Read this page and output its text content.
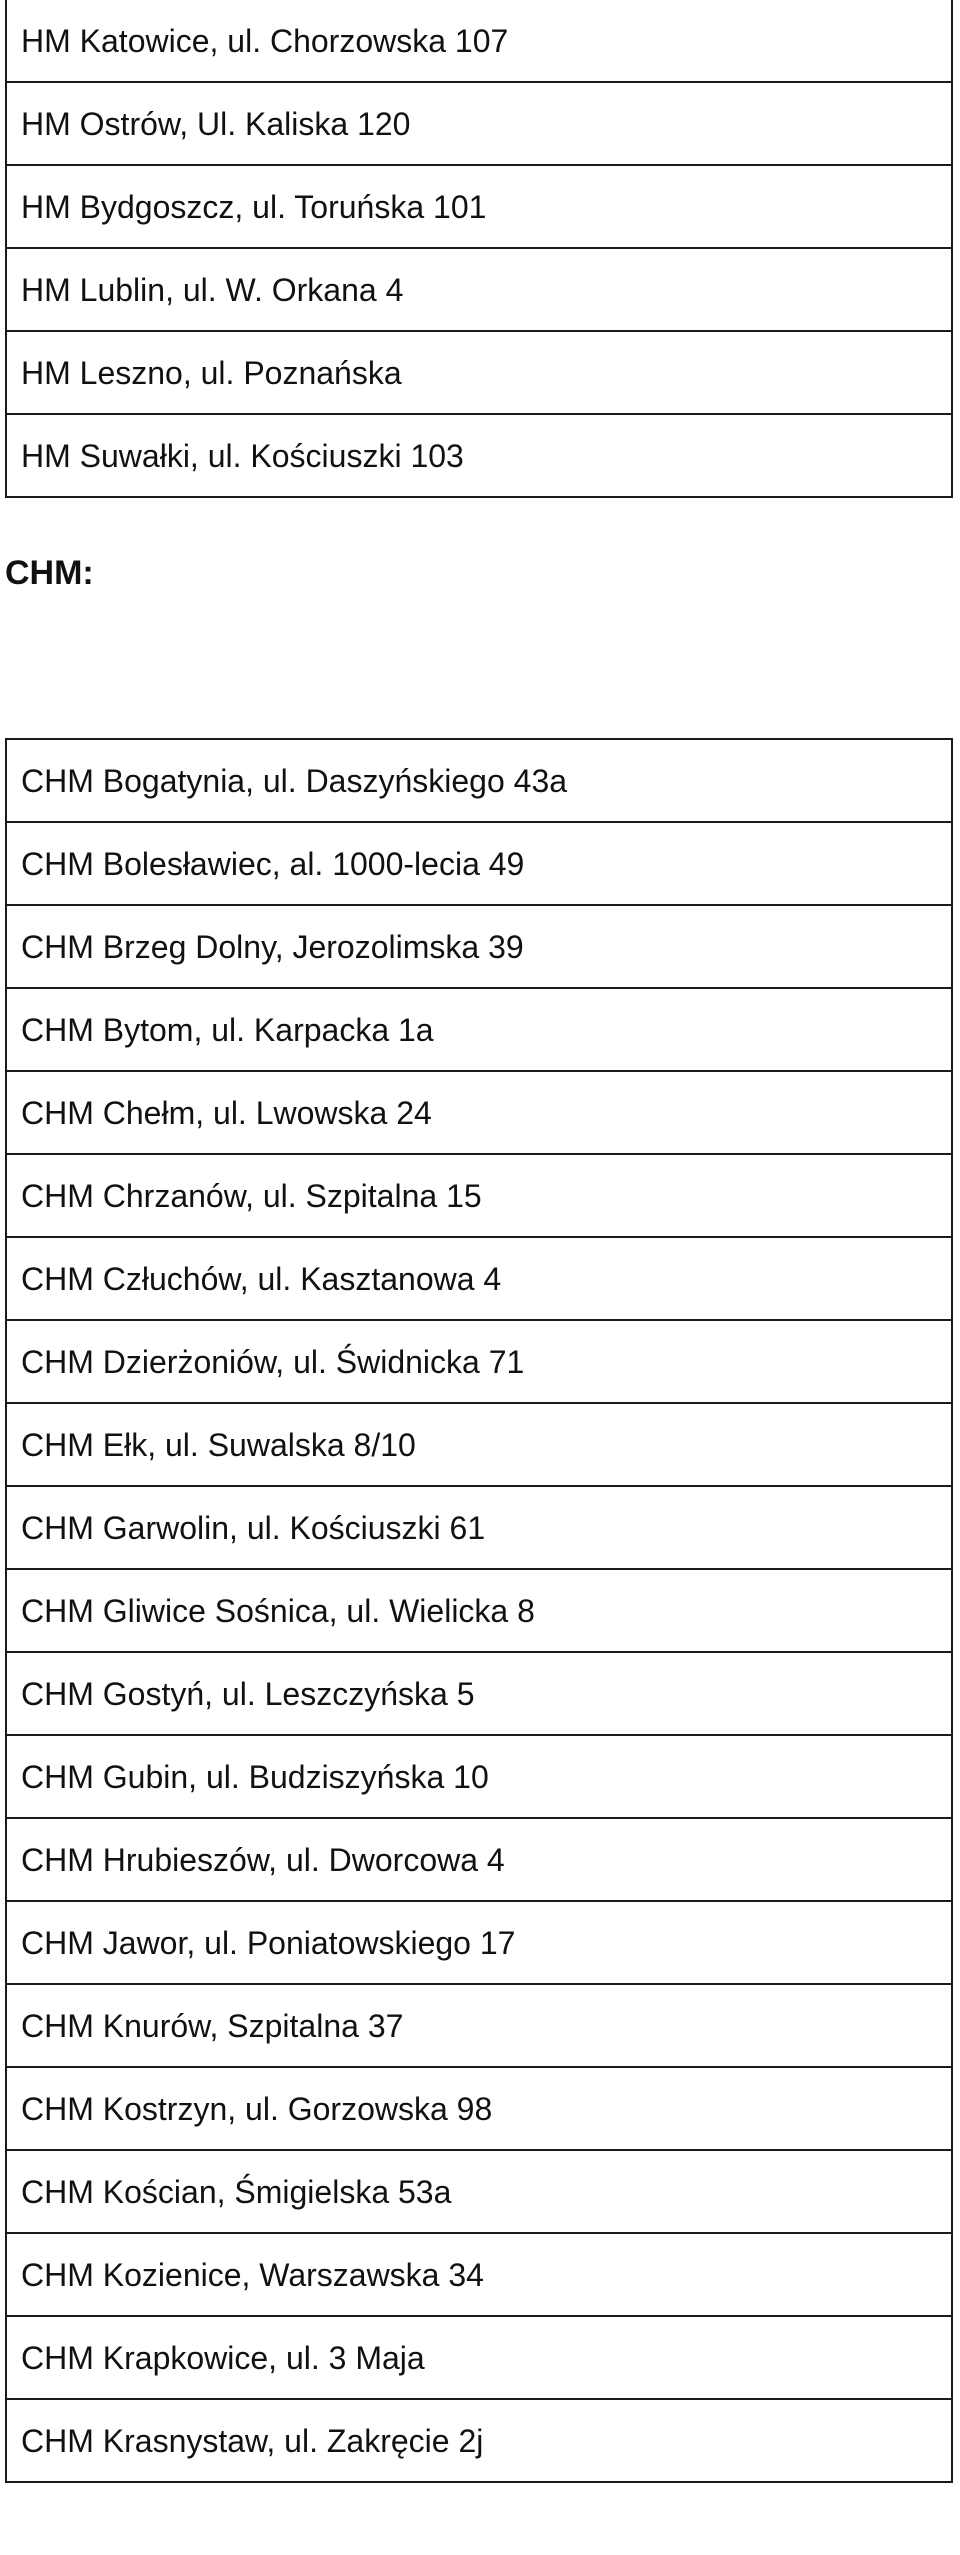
HM Katowice, ul. Chorzowska 107
HM Ostrów, Ul. Kaliska 120
HM Bydgoszcz, ul. Toruńska 101
HM Lublin, ul. W. Orkana 4
HM Leszno, ul. Poznańska
HM Suwałki, ul. Kościuszki 103
CHM:
CHM Bogatynia, ul. Daszyńskiego 43a
CHM Bolesławiec, al. 1000-lecia 49
CHM Brzeg Dolny, Jerozolimska 39
CHM Bytom, ul. Karpacka 1a
CHM Chełm, ul. Lwowska 24
CHM Chrzanów, ul. Szpitalna 15
CHM Człuchów, ul. Kasztanowa 4
CHM Dzierżoniów, ul. Świdnicka 71
CHM Ełk, ul. Suwalska 8/10
CHM Garwolin, ul. Kościuszki 61
CHM Gliwice Sośnica, ul. Wielicka 8
CHM Gostyń, ul. Leszczyńska 5
CHM Gubin, ul. Budziszyńska 10
CHM Hrubieszów, ul. Dworcowa 4
CHM Jawor, ul. Poniatowskiego 17
CHM Knurów, Szpitalna 37
CHM Kostrzyn, ul. Gorzowska 98
CHM Kościan, Śmigielska 53a
CHM Kozienice, Warszawska 34
CHM Krapkowice, ul. 3 Maja
CHM Krasnystaw, ul. Zakręcie 2j
